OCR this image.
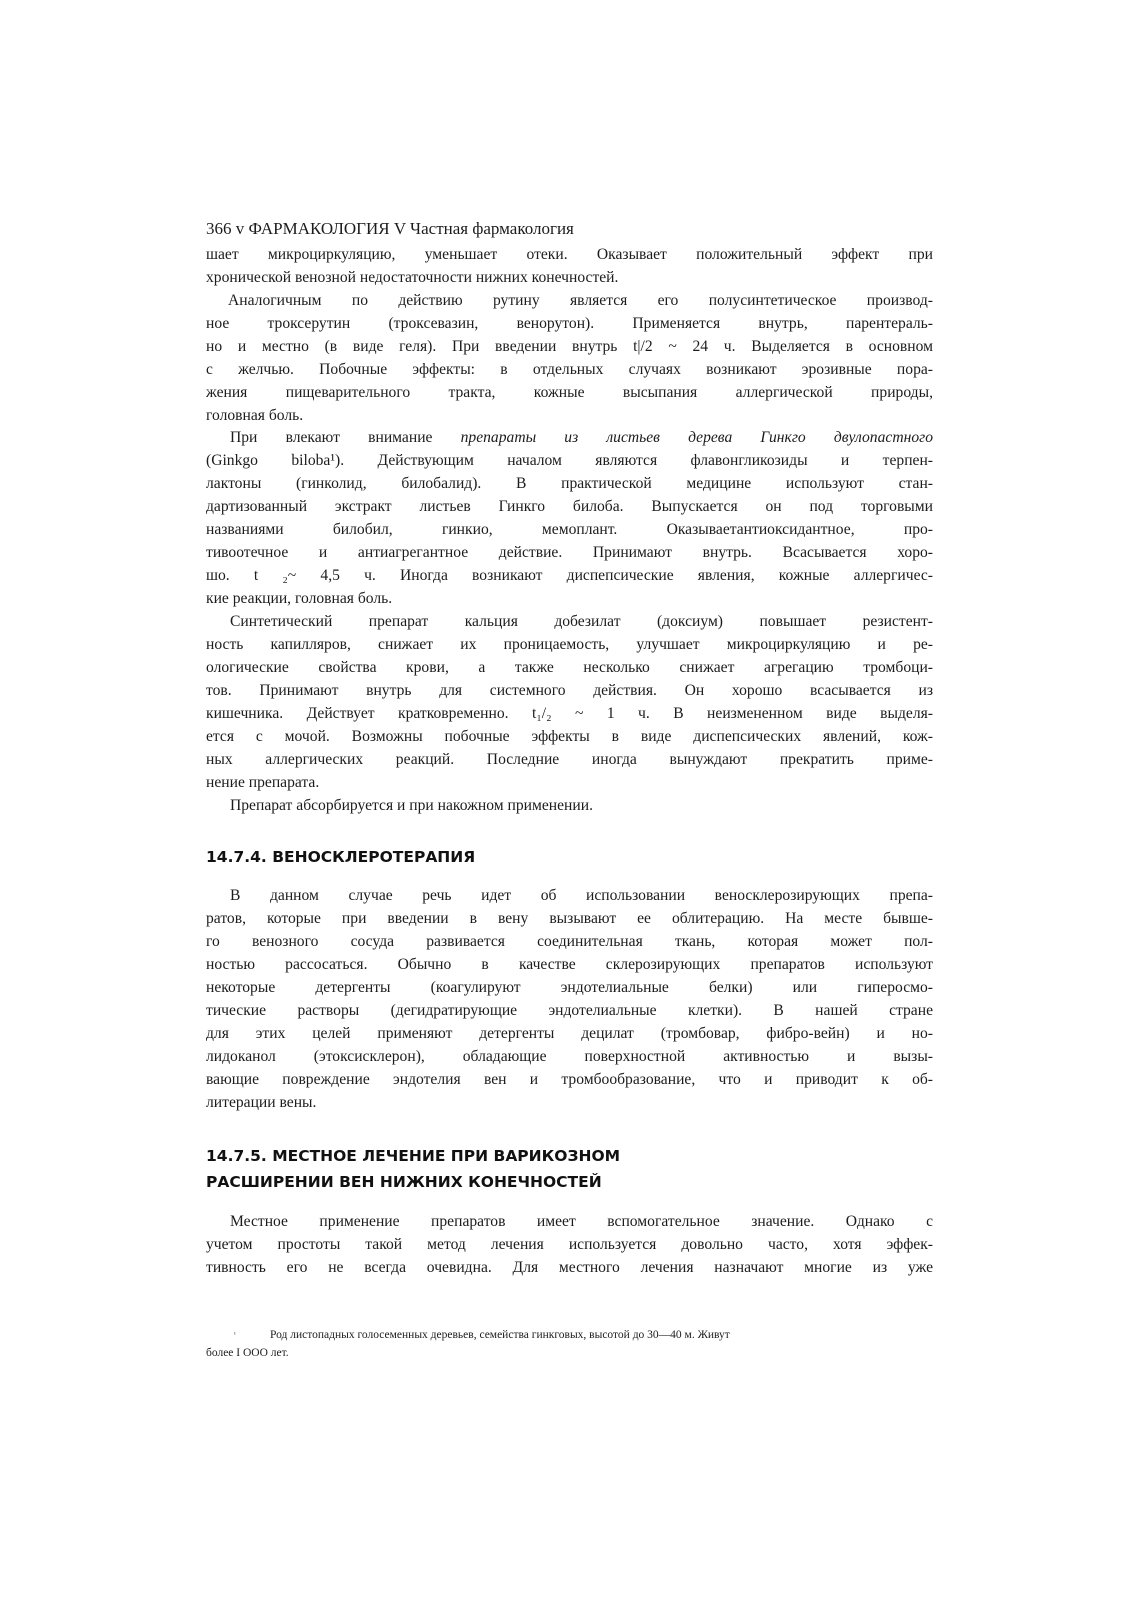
366 v ФАРМАКОЛОГИЯ V Частная фармакология
шает микроциркуляцию, уменьшает отеки. Оказывает положительный эффект при
хронической венозной недостаточности нижних конечностей.
Аналогичным по действию рутину является его полусинтетическое производ-
ное троксерутин (троксевазин, венорутон). Применяется внутрь, парентераль-
но и местно (в виде геля). При введении внутрь t|/2 ~ 24 ч. Выделяется в основном
с желчью. Побочные эффекты: в отдельных случаях возникают эрозивные пора-
жения пищеварительного тракта, кожные высыпания аллергической природы,
головная боль.
При влекают внимание препараты из листьев дерева Гинкго двулопастного
(Ginkgo biloba¹). Действующим началом являются флавонгликозиды и терпен-
лактоны (гинколид, билобалид). В практической медицине используют стан-
дартизованный экстракт листьев Гинкго билоба. Выпускается он под торговыми
названиями билобил, гинкио, мемоплант. Оказываетантиоксидантное, про-
тивоотечное и антиагрегантное действие. Принимают внутрь. Всасывается хоро-
шо. t ₂~ 4,5 ч. Иногда возникают диспепсические явления, кожные аллергичес-
кие реакции, головная боль.
Синтетический препарат кальция добезилат (доксиум) повышает резистент-
ность капилляров, снижает их проницаемость, улучшает микроциркуляцию и ре-
ологические свойства крови, а также несколько снижает агрегацию тромбоци-
тов. Принимают внутрь для системного действия. Он хорошо всасывается из
кишечника. Действует кратковременно. t₁/₂ ~ 1 ч. В неизмененном виде выделя-
ется с мочой. Возможны побочные эффекты в виде диспепсических явлений, кож-
ных аллергических реакций. Последние иногда вынуждают прекратить приме-
нение препарата.
Препарат абсорбируется и при накожном применении.
14.7.4. ВЕНОСКЛЕРОТЕРАПИЯ
В данном случае речь идет об использовании веносклерозирующих препа-
ратов, которые при введении в вену вызывают ее облитерацию. На месте бывше-
го венозного сосуда развивается соединительная ткань, которая может пол-
ностью рассосаться. Обычно в качестве склерозирующих препаратов используют
некоторые детергенты (коагулируют эндотелиальные белки) или гиперосмо-
тические растворы (дегидратирующие эндотелиальные клетки). В нашей стране
для этих целей применяют детергенты децилат (тромбовар, фибро-вейн) и но-
лидоканол (этоксисклерон), обладающие поверхностной активностью и вызы-
вающие повреждение эндотелия вен и тромбообразование, что и приводит к об-
литерации вены.
14.7.5. МЕСТНОЕ ЛЕЧЕНИЕ ПРИ ВАРИКОЗНОМ
РАСШИРЕНИИ ВЕН НИЖНИХ КОНЕЧНОСТЕЙ
Местное применение препаратов имеет вспомогательное значение. Однако с
учетом простоты такой метод лечения используется довольно часто, хотя эффек-
тивность его не всегда очевидна. Для местного лечения назначают многие из уже
¹	Род листопадных голосеменных деревьев, семейства гинкговых, высотой до 30—40 м. Живут
более I ООО лет.
